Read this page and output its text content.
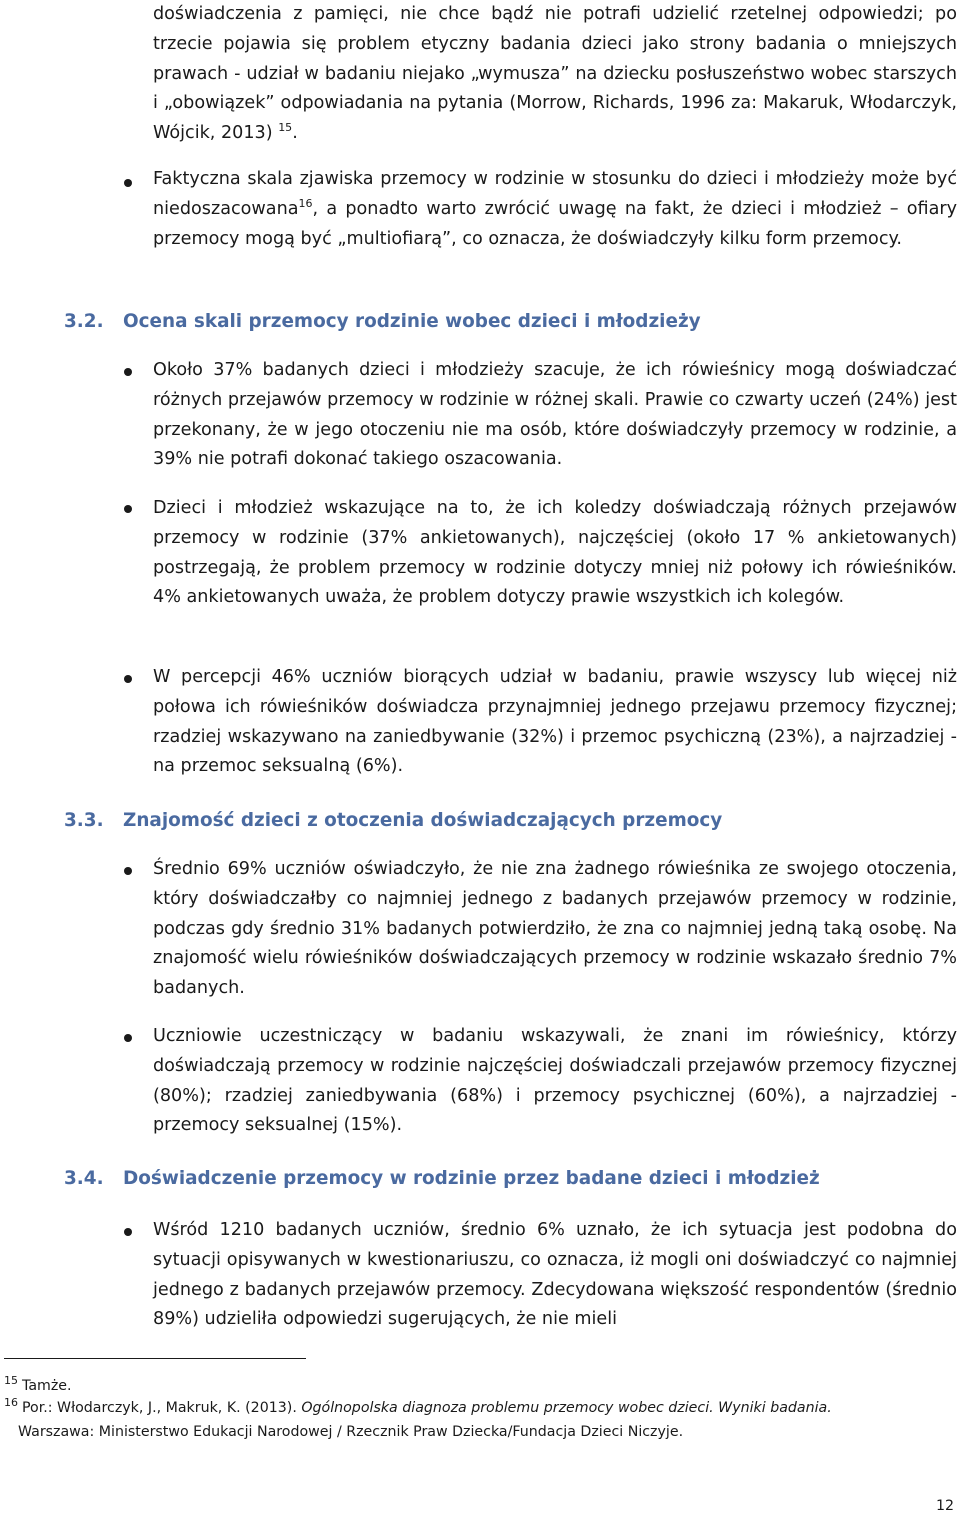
doświadczenia z pamięci, nie chce bądź nie potrafi udzielić rzetelnej odpowiedzi; po trzecie pojawia się problem etyczny badania dzieci jako strony badania o mniejszych prawach - udział w badaniu niejako „wymusza” na dziecku posłuszeństwo wobec starszych i „obowiązek” odpowiadania na pytania (Morrow, Richards, 1996 za: Makaruk, Włodarczyk, Wójcik, 2013) $^{15}$.

Faktyczna skala zjawiska przemocy w rodzinie w stosunku do dzieci i młodzieży może być niedoszacowana$^{16}$, a ponadto warto zwrócić uwagę na fakt, że dzieci i młodzież – ofiary przemocy mogą być „multiofiarą”, co oznacza, że doświadczyły kilku form przemocy.

3.2. Ocena skali przemocy rodzinie wobec dzieci i młodzieży

Około 37% badanych dzieci i młodzieży szacuje, że ich rówieśnicy mogą doświadczać różnych przejawów przemocy w rodzinie w różnej skali. Prawie co czwarty uczeń (24%) jest przekonany, że w jego otoczeniu nie ma osób, które doświadczyły przemocy w rodzinie, a 39% nie potrafi dokonać takiego oszacowania.

Dzieci i młodzież wskazujące na to, że ich koledzy doświadczają różnych przejawów przemocy w rodzinie (37% ankietowanych), najczęściej (około 17 % ankietowanych) postrzegają, że problem przemocy w rodzinie dotyczy mniej niż połowy ich rówieśników. 4% ankietowanych uważa, że problem dotyczy prawie wszystkich ich kolegów.

W percepcji 46% uczniów biorących udział w badaniu, prawie wszyscy lub więcej niż połowa ich rówieśników doświadcza przynajmniej jednego przejawu przemocy fizycznej; rzadziej wskazywano na zaniedbywanie (32%) i przemoc psychiczną (23%), a najrzadziej - na przemoc seksualną (6%).

3.3. Znajomość dzieci z otoczenia doświadczających przemocy

Średnio 69% uczniów oświadczyło, że nie zna żadnego rówieśnika ze swojego otoczenia, który doświadczałby co najmniej jednego z badanych przejawów przemocy w rodzinie, podczas gdy średnio 31% badanych potwierdziło, że zna co najmniej jedną taką osobę. Na znajomość wielu rówieśników doświadczających przemocy w rodzinie wskazało średnio 7% badanych.

Uczniowie uczestniczący w badaniu wskazywali, że znani im rówieśnicy, którzy doświadczają przemocy w rodzinie najczęściej doświadczali przejawów przemocy fizycznej (80%); rzadziej zaniedbywania (68%) i przemocy psychicznej (60%), a najrzadziej - przemocy seksualnej (15%).

3.4. Doświadczenie przemocy w rodzinie przez badane dzieci i młodzież

Wśród 1210 badanych uczniów, średnio 6% uznało, że ich sytuacja jest podobna do sytuacji opisywanych w kwestionariuszu, co oznacza, iż mogli oni doświadczyć co najmniej jednego z badanych przejawów przemocy. Zdecydowana większość respondentów (średnio 89%) udzieliła odpowiedzi sugerujących, że nie mieli

15 Tamże.

16 Por.: Włodarczyk, J., Makruk, K. (2013). Ogólnopolska diagnoza problemu przemocy wobec dzieci. Wyniki badania.

Warszawa: Ministerstwo Edukacji Narodowej / Rzecznik Praw Dziecka/Fundacja Dzieci Niczyje.

12
